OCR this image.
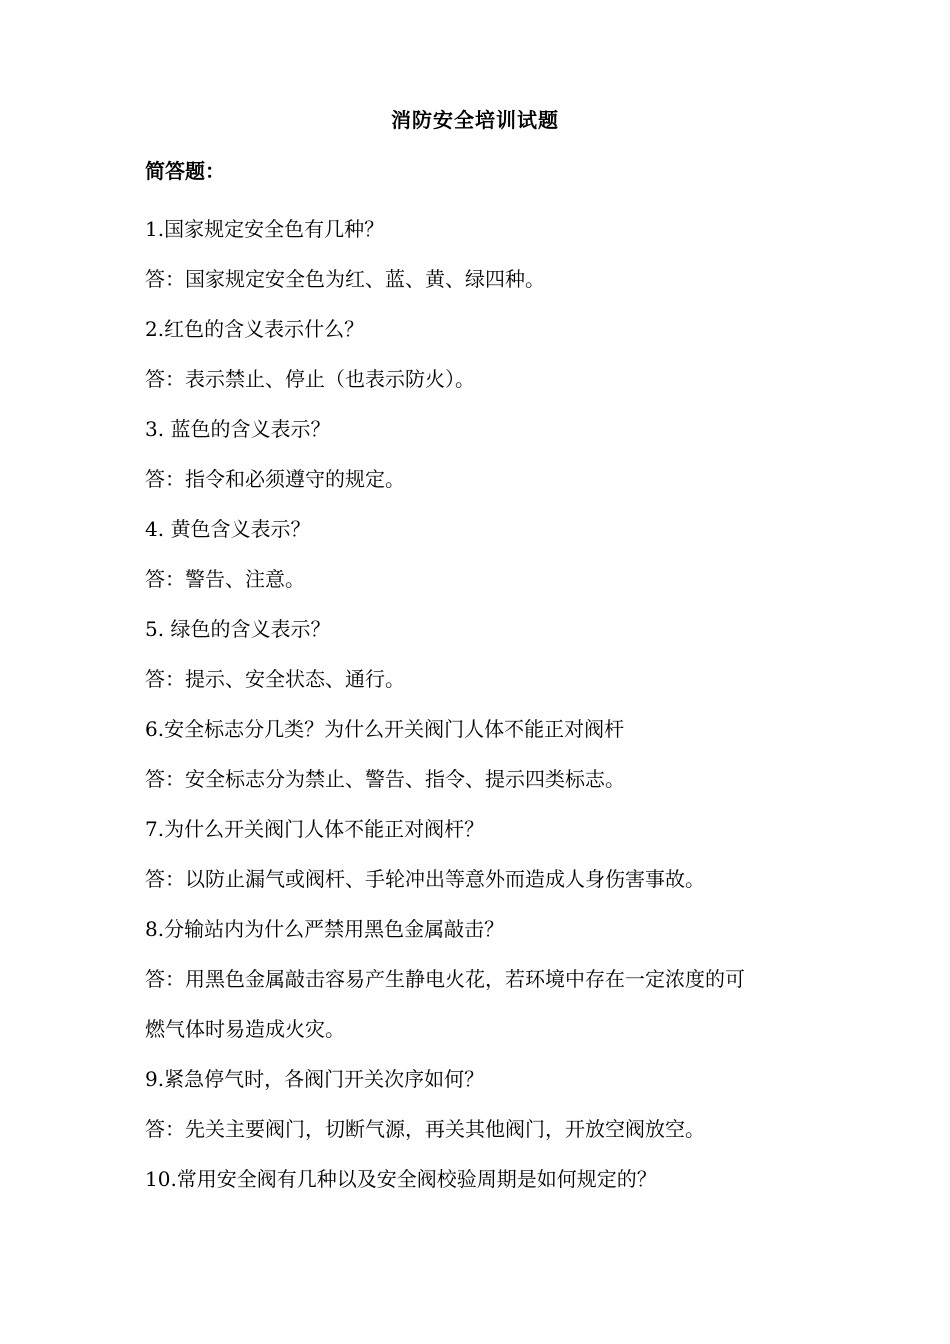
消防安全培训试题
简答题：

1.国家规定安全色有几种？

答：国家规定安全色为红、蓝、黄、绿四种。

2.红色的含义表示什么？

答：表示禁止、停止（也表示防火）。

3. 蓝色的含义表示？

答：指令和必须遵守的规定。

4. 黄色含义表示？

答：警告、注意。

5. 绿色的含义表示？

答：提示、安全状态、通行。

6.安全标志分几类？为什么开关阀门人体不能正对阀杆

答：安全标志分为禁止、警告、指令、提示四类标志。

7.为什么开关阀门人体不能正对阀杆？

答：以防止漏气或阀杆、手轮冲出等意外而造成人身伤害事故。

8.分输站内为什么严禁用黑色金属敲击？

答：用黑色金属敲击容易产生静电火花，若环境中存在一定浓度的可

燃气体时易造成火灾。

9.紧急停气时，各阀门开关次序如何？

答：先关主要阀门，切断气源，再关其他阀门，开放空阀放空。

10.常用安全阀有几种以及安全阀校验周期是如何规定的？
